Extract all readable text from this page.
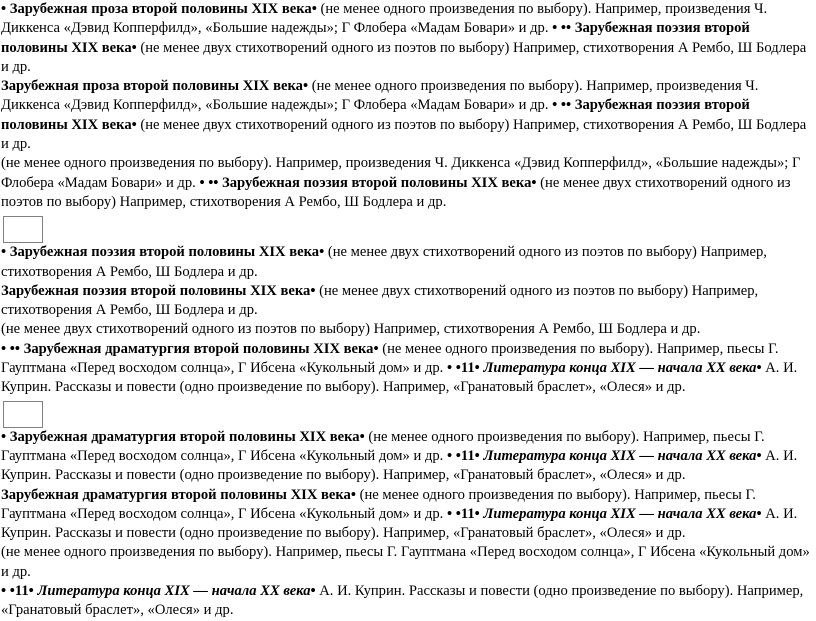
• Зарубежная проза второй половины XIX века• (не менее одного произведения по выбору). Например, произведения Ч. Диккенса «Дэвид Копперфилд», «Большие надежды»; Г Флобера «Мадам Бовари» и др. • •• Зарубежная поэзия второй половины XIX века• (не менее двух стихотворений одного из поэтов по выбору) Например, стихотворения А Рембо, Ш Бодлера и др.

Зарубежная проза второй половины XIX века• (не менее одного произведения по выбору). Например, произведения Ч. Диккенса «Дэвид Копперфилд», «Большие надежды»; Г Флобера «Мадам Бовари» и др. • •• Зарубежная поэзия второй половины XIX века• (не менее двух стихотворений одного из поэтов по выбору) Например, стихотворения А Рембо, Ш Бодлера и др.

(не менее одного произведения по выбору). Например, произведения Ч. Диккенса «Дэвид Копперфилд», «Большие надежды»; Г Флобера «Мадам Бовари» и др. • •• Зарубежная поэзия второй половины XIX века• (не менее двух стихотворений одного из поэтов по выбору) Например, стихотворения А Рембо, Ш Бодлера и др.

• Зарубежная поэзия второй половины XIX века• (не менее двух стихотворений одного из поэтов по выбору) Например, стихотворения А Рембо, Ш Бодлера и др.

Зарубежная поэзия второй половины XIX века• (не менее двух стихотворений одного из поэтов по выбору) Например, стихотворения А Рембо, Ш Бодлера и др.

(не менее двух стихотворений одного из поэтов по выбору) Например, стихотворения А Рембо, Ш Бодлера и др.

• •• Зарубежная драматургия второй половины XIX века• (не менее одного произведения по выбору). Например, пьесы Г. Гауптмана «Перед восходом солнца», Г Ибсена «Кукольный дом» и др. • •11• Литература конца XIX — начала XX века• А. И. Куприн. Рассказы и повести (одно произведение по выбору). Например, «Гранатовый браслет», «Олеся» и др.

• Зарубежная драматургия второй половины XIX века• (не менее одного произведения по выбору). Например, пьесы Г. Гауптмана «Перед восходом солнца», Г Ибсена «Кукольный дом» и др. • •11• Литература конца XIX — начала XX века• А. И. Куприн. Рассказы и повести (одно произведение по выбору). Например, «Гранатовый браслет», «Олеся» и др.

Зарубежная драматургия второй половины XIX века• (не менее одного произведения по выбору). Например, пьесы Г. Гауптмана «Перед восходом солнца», Г Ибсена «Кукольный дом» и др. • •11• Литература конца XIX — начала XX века• А. И. Куприн. Рассказы и повести (одно произведение по выбору). Например, «Гранатовый браслет», «Олеся» и др.

(не менее одного произведения по выбору). Например, пьесы Г. Гауптмана «Перед восходом солнца», Г Ибсена «Кукольный дом» и др.

• •11• Литература конца XIX — начала XX века• А. И. Куприн. Рассказы и повести (одно произведение по выбору). Например, «Гранатовый браслет», «Олеся» и др.
